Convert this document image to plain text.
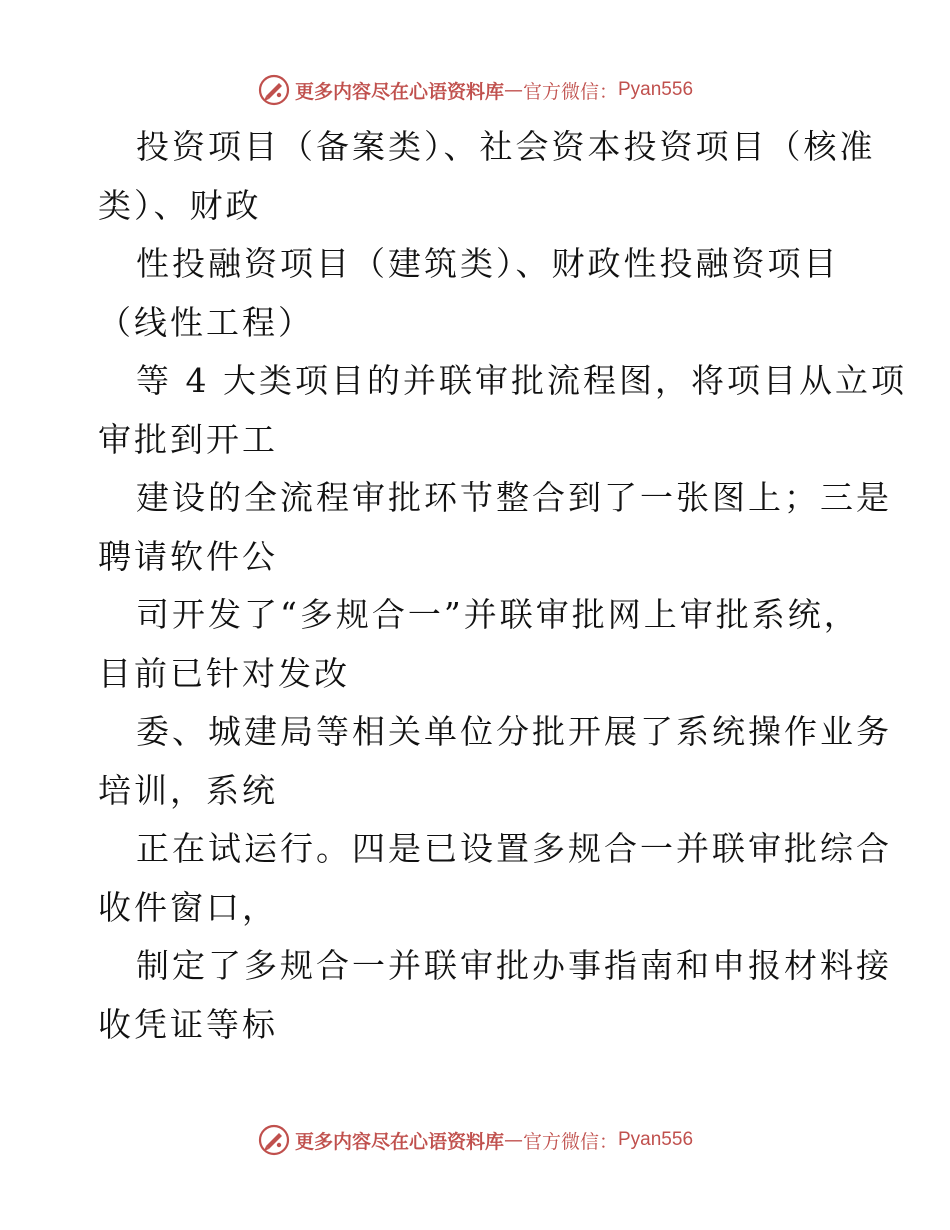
更多内容尽在心语资料库 — 官方微信： Pyan556
投资项目（备案类）、社会资本投资项目（核准
类）、财政
性投融资项目（建筑类）、财政性投融资项目
（线性工程）
等 4 大类项目的并联审批流程图，将项目从立项
审批到开工
建设的全流程审批环节整合到了一张图上；三是
聘请软件公
司开发了“多规合一”并联审批网上审批系统，
目前已针对发改
委、城建局等相关单位分批开展了系统操作业务
培训，系统
正在试运行。四是已设置多规合一并联审批综合
收件窗口，
制定了多规合一并联审批办事指南和申报材料接
收凭证等标
更多内容尽在心语资料库 — 官方微信： Pyan556
